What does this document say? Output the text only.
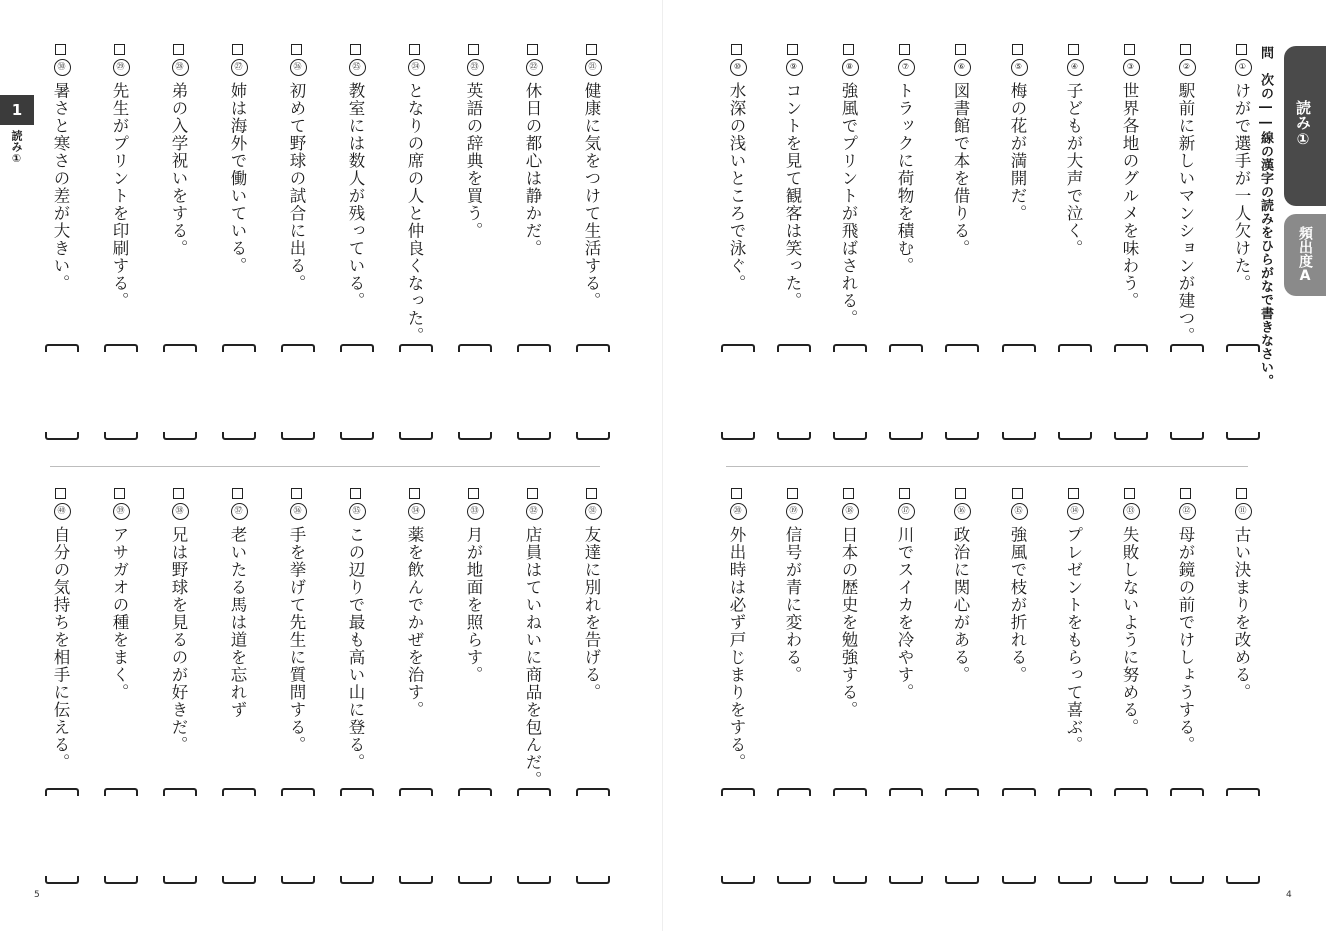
読み①
頻出度A
問　次の――線の漢字の読みをひらがなで書きなさい。
4
1
読み①
5
①けがで選手が一人欠けた。
②駅前に新しいマンションが建つ。
③世界各地のグルメを味わう。
④子どもが大声で泣く。
⑤梅の花が満開だ。
⑥図書館で本を借りる。
⑦トラックに荷物を積む。
⑧強風でプリントが飛ばされる。
⑨コントを見て観客は笑った。
⑩水深の浅いところで泳ぐ。
⑪古い決まりを改める。
⑫母が鏡の前でけしょうする。
⑬失敗しないように努める。
⑭プレゼントをもらって喜ぶ。
⑮強風で枝が折れる。
⑯政治に関心がある。
⑰川でスイカを冷やす。
⑱日本の歴史を勉強する。
⑲信号が青に変わる。
⑳外出時は必ず戸じまりをする。
㉑健康に気をつけて生活する。
㉒休日の都心は静かだ。
㉓英語の辞典を買う。
㉔となりの席の人と仲良くなった。
㉕教室には数人が残っている。
㉖初めて野球の試合に出る。
㉗姉は海外で働いている。
㉘弟の入学祝いをする。
㉙先生がプリントを印刷する。
㉚暑さと寒さの差が大きい。
㉛友達に別れを告げる。
㉜店員はていねいに商品を包んだ。
㉝月が地面を照らす。
㉞薬を飲んでかぜを治す。
㉟この辺りで最も高い山に登る。
㊱手を挙げて先生に質問する。
㊲老いたる馬は道を忘れず
㊳兄は野球を見るのが好きだ。
㊴アサガオの種をまく。
㊵自分の気持ちを相手に伝える。
